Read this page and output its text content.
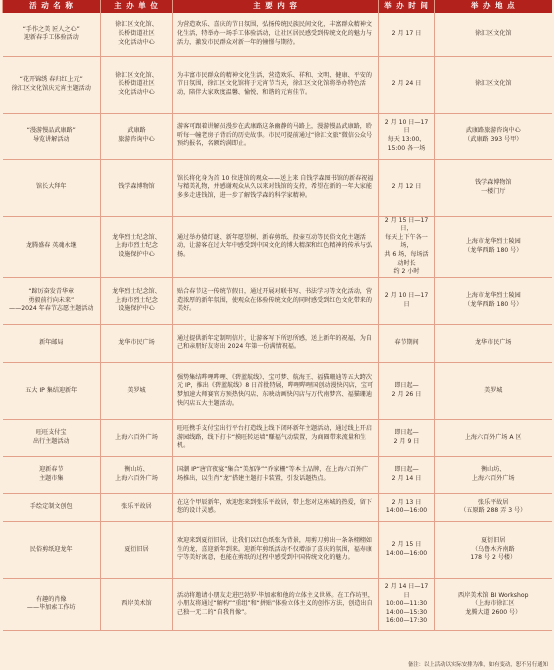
活 动 名 称	主 办 单 位	主 要 内 容	举 办 时 间	举 办 地 点

“手作之美 匠人之心”
迎新春手工体验活动	徐汇区文化馆、
长桥街道社区
文化活动中心	为营造欢乐、喜庆的节日氛围，弘扬传统民族民间文化，丰富群众精神文化生活，特举办一场手工体验活动，让社区居民感受到传统文化的魅力与活力，激发市民群众对新一年的憧憬与期待。	2 月 17 日	徐汇区文化馆

“花开锦绣 春归红上元”
徐汇区文化馆庆元宵主题活动	徐汇区文化馆、
长桥街道社区
文化活动中心	为丰富市民群众的精神文化生活，营造欢乐、祥和、文明、健康、平安的节日氛围，徐汇区文化馆将于元宵节当天，徐汇区文化馆将举办特色活动，陪伴大家欢度温馨、愉悦、和谐的元宵佳节。	2 月 24 日	徐汇区文化馆

“漫游慢品武康路”
导览讲解活动	武康路
旅游咨询中心	游客可跟着讲解员漫步在武康路这条幽静的马路上，漫游慢品武康路，聆听每一幢老房子背后的历史故事。市民可提前通过“徐汇文旅”微信公众号预约报名，名额约满即止。	2 月 10 日—17 日
每天 13:00、
15:00 各一场	武康路旅游咨询中心
（武康路 393 号甲）

馆长大拜年	钱学森博物馆	馆长将化身为首 10 位进馆的观众——送上来 自钱学森图书馆的新春祝福与精美礼物，并感谢观众从久以来对钱馆的支持，希望在新的一年大家能多多走进钱馆，进一步了解钱学森的科学家精神。	2 月 12 日	钱学森博物馆
一楼门厅

龙腾盛春 英魂永继	龙华烈士纪念馆、
上海市烈士纪念
设施保护中心	通过举办猜灯谜、新年愿望树、新春剪纸、投壶互动等民俗文化主题活动，让游客在过大年中感受到中国文化的博大精深和红色精神的传承与弘扬。	2 月 15 日—17 日，
每天上下午各一场，
共 6 场，每场活动时长
约 2 小时	上海市龙华烈士陵园
（龙华西路 180 号）

“蹄厉奋发青华章
勇毅前行向未来”
——2024 年春节志愿主题活动	龙华烈士纪念馆、
上海市烈士纪念
设施保护中心	贴合春节这一传统节假日，通过开展对联书写、书法学习等文化活动，营造浓厚的新年氛围，使观众在体验传统文化的同时感受到红色文化带来的美好。	2 月 10 日—17 日	上海市龙华烈士陵园
（龙华西路 180 号）

新年邮局	龙华市民广场	通过提供新年定制明信片，让游客写下所思所感，送上新年的祝福，为自己和亲朋好友寄出 2024 年第一份满情祝福。	春节期间	龙华市民广场

五大 IP 集结迎新年	美罗城	强势集结哔哩哔哩、《碧蓝航线》、宝可梦、航海王、福猫珊迪等五大跨次元 IP，推出《碧蓝航线》8 日首批特展，哔哩哔哩国创动漫快闪店，宝可梦加速大师赛官方预热快闪店、东映动画快闪店与万代南梦宫、福猫珊迪快闪店五大主题活动。	即日起—
2 月 26 日	美罗城

旺旺支付宝
出行主题活动	上海六百外广场	旺旺携手支付宝出行平台打造线上线下闭环新年主题活动，通过线上开启游园线路，线下打卡“摸旺转运墙”赚福气动装置，为商圈带来流量和生机。	即日起—
2 月 9 日	上海六百外广场 A 区

迎新春节
主题市集	衡山坊、
上海六百外广场	国潮 IP“唐宫夜宴”集合“美加净”“乔家栅”等本土品牌，在上海六百外广场推出，以生肖“龙”搭建主题打卡装置，引发话题热点。	即日起—
2 月 14 日	衡山坊、
上海六百外广场

手绘定制文创包	张乐平故居	在这个甲辰新年，欢迎您来到张乐平故居，带上您对这座城的热爱，留下您的设计灵感。	2 月 13 日
14:00—16:00	张乐平故居
（五原路 288 弄 3 号）

民俗剪纸迎龙年	夏衍旧居	欢迎来到夏衍旧居，让我们以红色纸张为背景，用剪刀剪出一条条栩栩如生的龙，喜迎新年到来。迎新年剪纸活动不仅增添了喜庆的氛围，福寿康宁等美好寓意，也能在剪纸的过程中感受到中国传统文化的魅力。	2 月 15 日
14:00—16:00	夏衍旧居
（乌鲁木齐南路
178 号 2 号楼）

有趣的肖像
——毕加索工作坊	西岸美术馆	活动将邀请小朋友走进巴勃罗·毕加索和他的立体主义世界。在工作坊里，小朋友将通过“解构”“重组”和“拼贴”体验立体主义的创作方法，创造出自己独一无二的“自我肖像”。	2 月 14 日—17 日
10:00—11:30
14:00—15:30
16:00—17:30	西岸美术馆 BI Workshop
（上海市徐汇区
龙腾大道 2600 号）
备注：以上活动以实际安排为准，如有变动，恕不另行通知
